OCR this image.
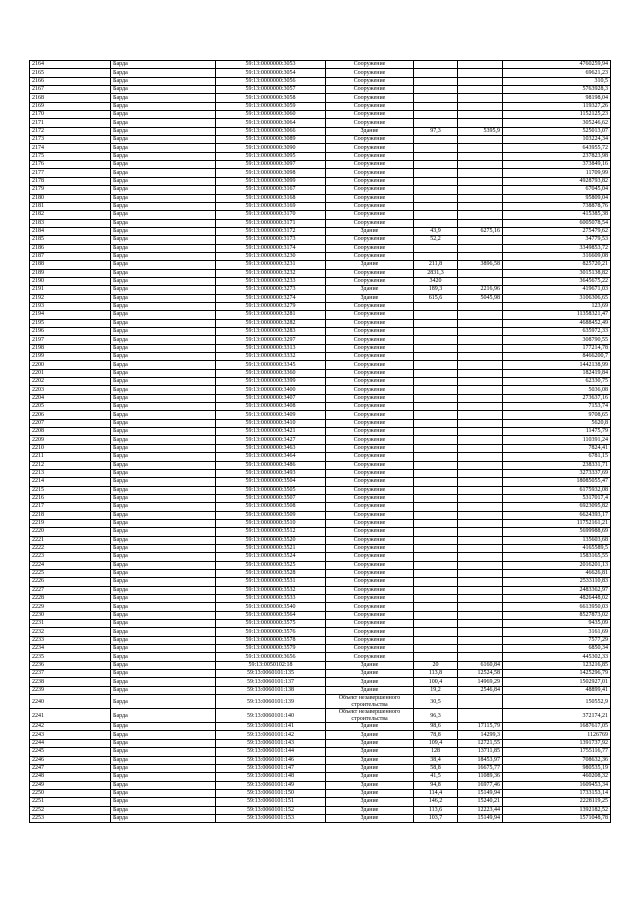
2164	Барда	59:13:0000000:3053	Сооружение			4760259,94
2165	Барда	59:13:0000000:3054	Сооружение			69621,23
2166	Барда	59:13:0000000:3056	Сооружение			310,5
2167	Барда	59:13:0000000:3057	Сооружение			5763928,3
2168	Барда	59:13:0000000:3058	Сооружение			98198,04
2169	Барда	59:13:0000000:3059	Сооружение			119327,26
2170	Барда	59:13:0000000:3060	Сооружение			1152125,23
2171	Барда	59:13:0000000:3064	Сооружение			305246,62
2172	Барда	59:13:0000000:3066	Здание	97,3	5395,9	525013,07
2173	Барда	59:13:0000000:3089	Сооружение			103224,34
2174	Барда	59:13:0000000:3090	Сооружение			643955,72
2175	Барда	59:13:0000000:3095	Сооружение			237823,98
2176	Барда	59:13:0000000:3097	Сооружение			373849,16
2177	Барда	59:13:0000000:3098	Сооружение			11709,99
2178	Барда	59:13:0000000:3099	Сооружение			4928793,82
2179	Барда	59:13:0000000:3167	Сооружение			67045,04
2180	Барда	59:13:0000000:3168	Сооружение			95809,04
2181	Барда	59:13:0000000:3169	Сооружение			738878,76
2182	Барда	59:13:0000000:3170	Сооружение			415385,38
2183	Барда	59:13:0000000:3171	Сооружение			6005078,54
2184	Барда	59:13:0000000:3172	Здание	43,9	6275,16	275479,62
2185	Барда	59:13:0000000:3173	Сооружение	52,2		34779,53
2186	Барда	59:13:0000000:3174	Сооружение			3349853,72
2187	Барда	59:13:0000000:3230	Сооружение			316609,08
2188	Барда	59:13:0000000:3231	Здание	211,8	3896,58	825720,21
2189	Барда	59:13:0000000:3232	Сооружение	2831,3		3015138,82
2190	Барда	59:13:0000000:3233	Сооружение	3420		3645675,22
2191	Барда	59:13:0000000:3273	Здание	189,3	2216,96	419671,03
2192	Барда	59:13:0000000:3274	Здание	615,6	5045,98	3106306,65
2193	Барда	59:13:0000000:3279	Сооружение			123,69
2194	Барда	59:13:0000000:3281	Сооружение			11358321,47
2195	Барда	59:13:0000000:3282	Сооружение			4688452,49
2196	Барда	59:13:0000000:3283	Сооружение			635972,33
2197	Барда	59:13:0000000:3297	Сооружение			308790,55
2198	Барда	59:13:0000000:3313	Сооружение			177214,78
2199	Барда	59:13:0000000:3332	Сооружение			8466200,7
2200	Барда	59:13:0000000:3345	Сооружение			1442138,99
2201	Барда	59:13:0000000:3360	Сооружение			182419,84
2202	Барда	59:13:0000000:3399	Сооружение			62330,75
2203	Барда	59:13:0000000:3400	Сооружение			5036,08
2204	Барда	59:13:0000000:3407	Сооружение			273637,16
2205	Барда	59:13:0000000:3408	Сооружение			7153,74
2206	Барда	59:13:0000000:3409	Сооружение			9708,65
2207	Барда	59:13:0000000:3410	Сооружение			5620,8
2208	Барда	59:13:0000000:3421	Сооружение			11475,79
2209	Барда	59:13:0000000:3427	Сооружение			110391,24
2210	Барда	59:13:0000000:3463	Сооружение			7824,41
2211	Барда	59:13:0000000:3464	Сооружение			6781,15
2212	Барда	59:13:0000000:3486	Сооружение			238331,71
2213	Барда	59:13:0000000:3493	Сооружение			3273337,69
2214	Барда	59:13:0000000:3504	Сооружение			18085055,47
2215	Барда	59:13:0000000:3505	Сооружение			6175932,08
2216	Барда	59:13:0000000:3507	Сооружение			5317017,4
2217	Барда	59:13:0000000:3508	Сооружение			6923095,82
2218	Барда	59:13:0000000:3509	Сооружение			6624393,17
2219	Барда	59:13:0000000:3510	Сооружение			11752161,21
2220	Барда	59:13:0000000:3512	Сооружение			5699988,69
2221	Барда	59:13:0000000:3520	Сооружение			135603,68
2222	Барда	59:13:0000000:3521	Сооружение			4165589,5
2223	Барда	59:13:0000000:3524	Сооружение			1583165,55
2224	Барда	59:13:0000000:3525	Сооружение			2016201,13
2225	Барда	59:13:0000000:3528	Сооружение			46626,81
2226	Барда	59:13:0000000:3531	Сооружение			2533110,83
2227	Барда	59:13:0000000:3532	Сооружение			2483362,97
2228	Барда	59:13:0000000:3533	Сооружение			4826448,02
2229	Барда	59:13:0000000:3540	Сооружение			6613950,03
2230	Барда	59:13:0000000:3564	Сооружение			8527873,02
2231	Барда	59:13:0000000:3575	Сооружение			9435,09
2232	Барда	59:13:0000000:3576	Сооружение			3161,69
2233	Барда	59:13:0000000:3578	Сооружение			7577,29
2234	Барда	59:13:0000000:3579	Сооружение			6850,34
2235	Барда	59:13:0000000:3656	Сооружение			445302,33
2236	Барда	59:13:0050102:18	Здание	20	6160,84	123216,85
2237	Барда	59:13:0060101:135	Здание	113,8	12524,58	1425296,79
2238	Барда	59:13:0060101:137	Здание	100,4	14969,29	1502927,01
2239	Барда	59:13:0060101:138	Здание	19,2	2546,84	48899,41
2240	Барда	59:13:0060101:139	Объект незавершенного строительства	30,5		150552,9
2241	Барда	59:13:0060101:140	Объект незавершенного строительства	96,3		372174,21
2242	Барда	59:13:0060101:141	Здание	98,6	17115,79	1687617,05
2243	Барда	59:13:0060101:142	Здание	78,8	14299,3	1126769
2244	Барда	59:13:0060101:143	Здание	109,4	12721,55	1391737,92
2245	Барда	59:13:0060101:144	Здание	128	13711,85	1755116,77
2246	Барда	59:13:0060101:146	Здание	38,4	18453,97	708632,36
2247	Барда	59:13:0060101:147	Здание	58,8	16675,77	980535,19
2248	Барда	59:13:0060101:148	Здание	41,5	11089,36	460208,32
2249	Барда	59:13:0060101:149	Здание	94,8	16977,46	1609453,34
2250	Барда	59:13:0060101:150	Здание	114,4	15149,94	1733153,14
2251	Барда	59:13:0060101:151	Здание	146,2	15240,21	2228119,25
2252	Барда	59:13:0060101:152	Здание	113,6	12223,44	1392182,52
2253	Барда	59:13:0060101:153	Здание	103,7	15149,94	1571048,78
